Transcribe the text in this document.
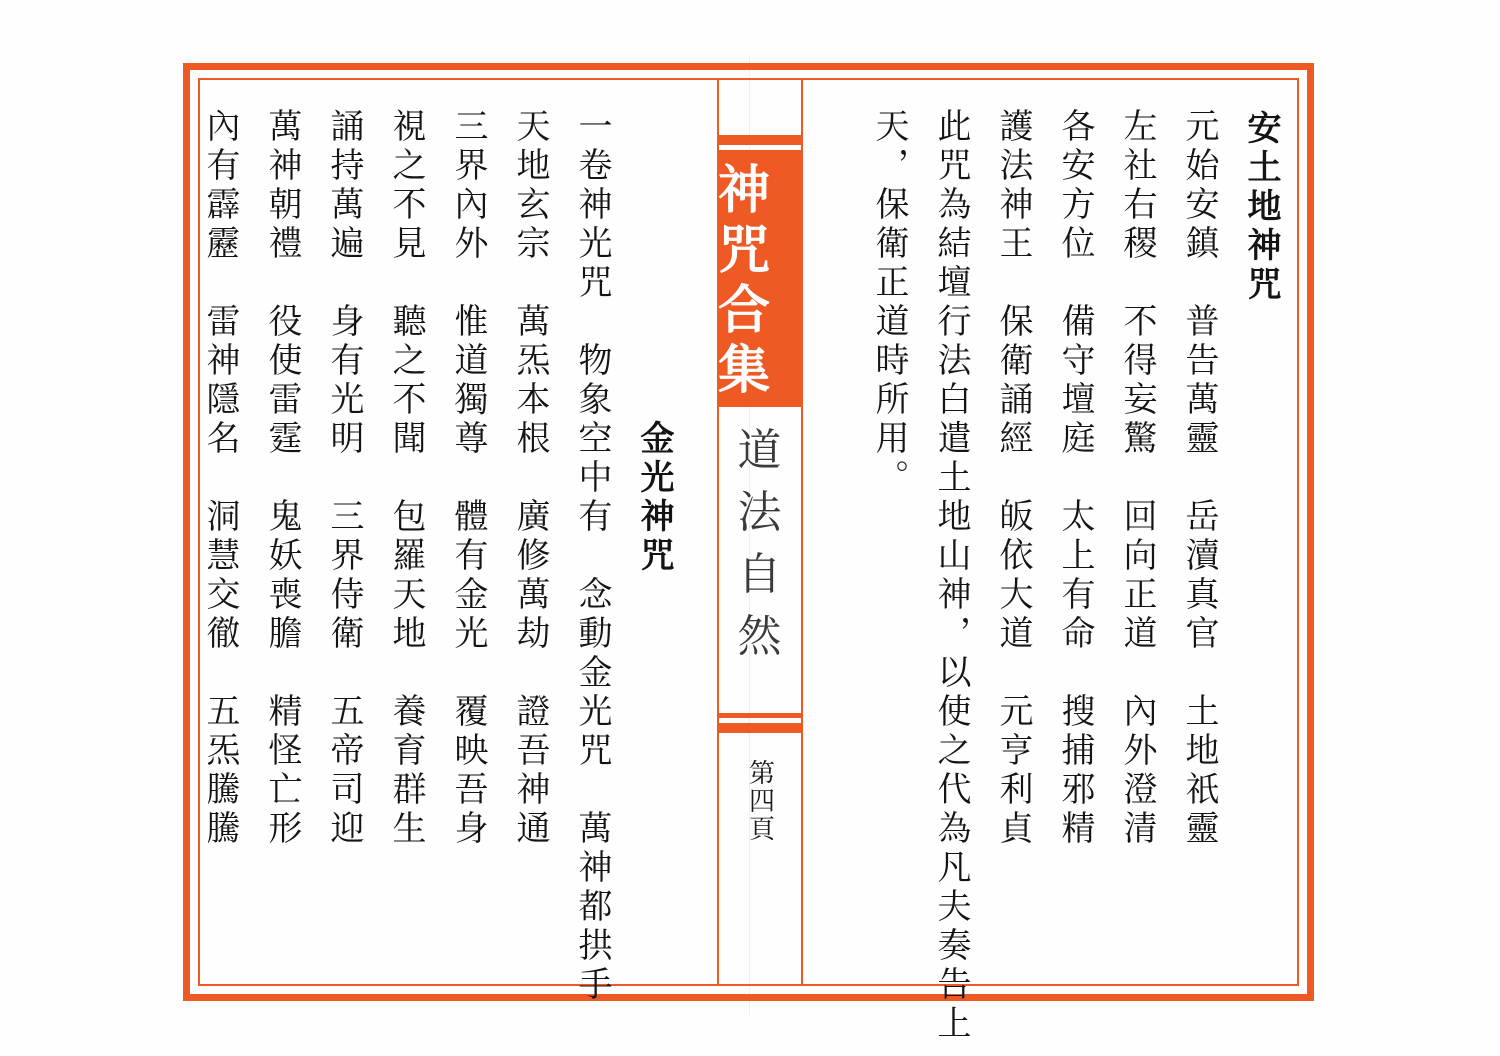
神咒合集
道
法
自
然
第四頁
安土地神咒
元始安鎮　普告萬靈　岳瀆真官　土地祇靈
左社右稷　不得妄驚　回向正道　內外澄清
各安方位　備守壇庭　太上有命　搜捕邪精
護法神王　保衛誦經　皈依大道　元亨利貞
此咒為結壇行法白遣土地山神，以使之代為凡夫奏告上
天，保衛正道時所用。
金光神咒
一卷神光咒　物象空中有　念動金光咒　萬神都拱手
天地玄宗　萬炁本根　廣修萬劫　證吾神通
三界內外　惟道獨尊　體有金光　覆映吾身
視之不見　聽之不聞　包羅天地　養育群生
誦持萬遍　身有光明　三界侍衛　五帝司迎
萬神朝禮　役使雷霆　鬼妖喪膽　精怪亡形
內有霹靂　雷神隱名　洞慧交徹　五炁騰騰
